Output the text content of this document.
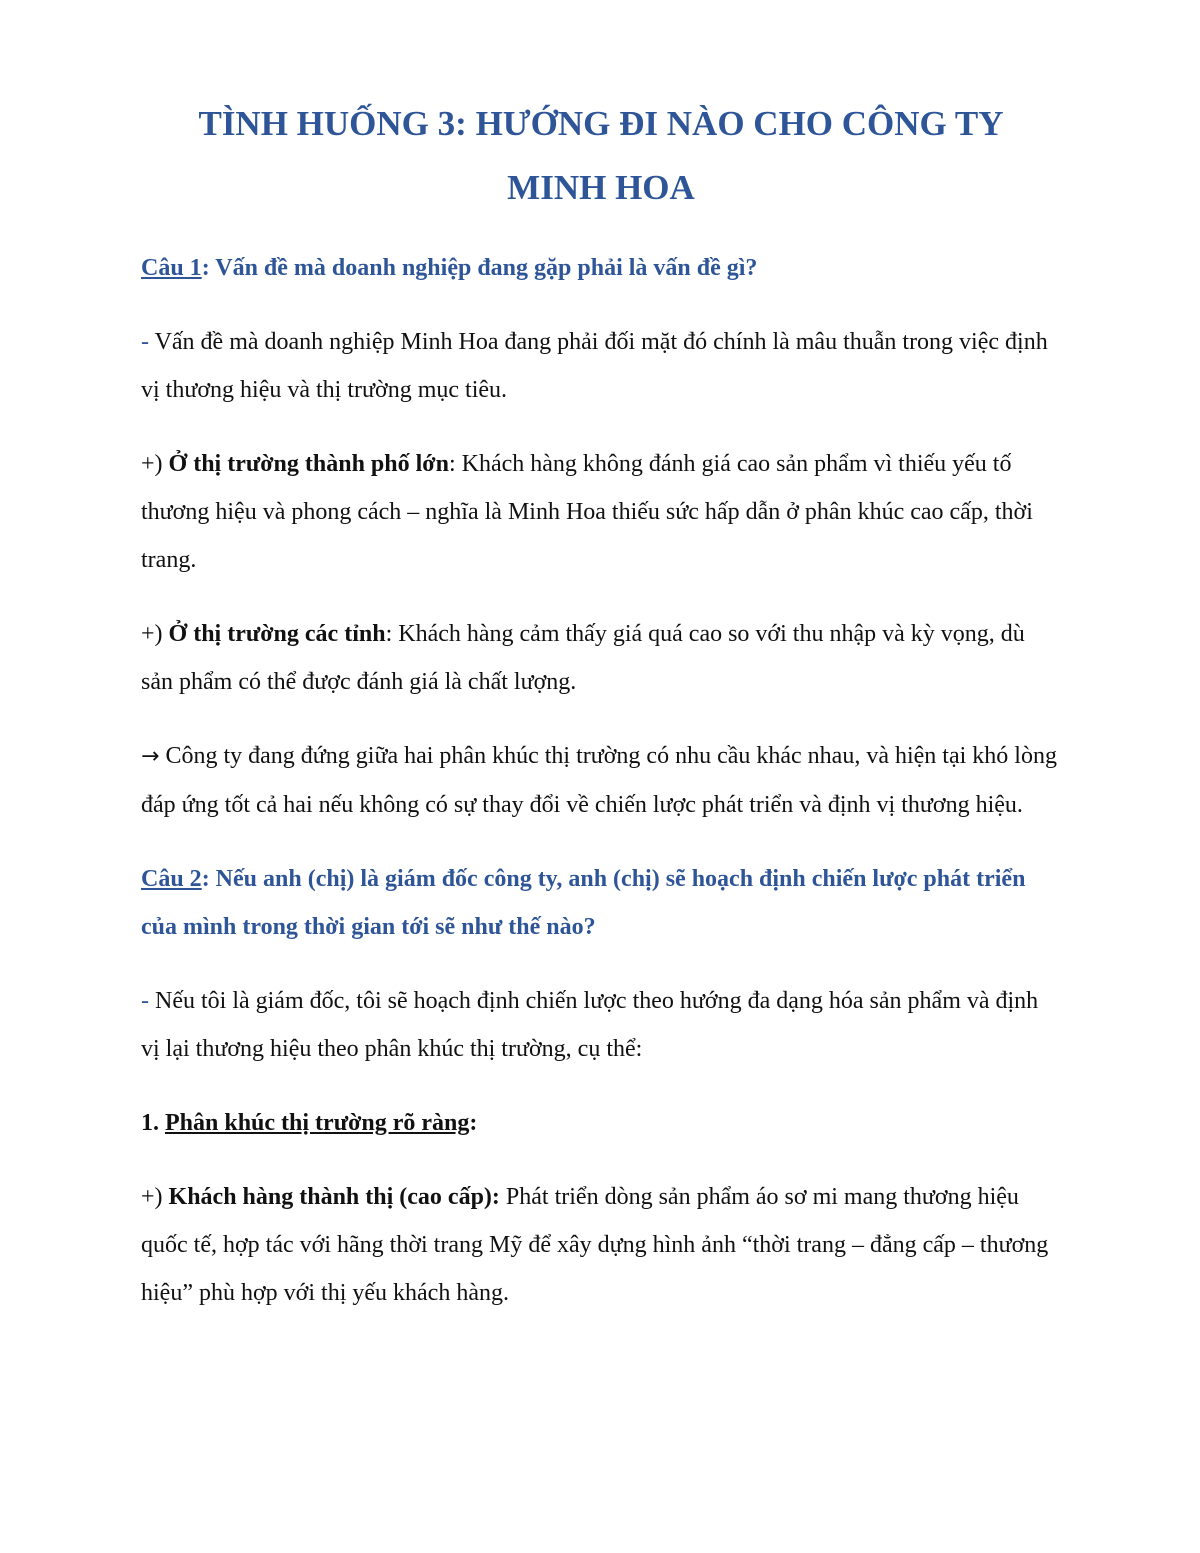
TÌNH HUỐNG 3: HƯỚNG ĐI NÀO CHO CÔNG TY
MINH HOA

Câu 1: Vấn đề mà doanh nghiệp đang gặp phải là vấn đề gì?

- Vấn đề mà doanh nghiệp Minh Hoa đang phải đối mặt đó chính là mâu thuẫn trong việc định vị thương hiệu và thị trường mục tiêu.

+) Ở thị trường thành phố lớn: Khách hàng không đánh giá cao sản phẩm vì thiếu yếu tố thương hiệu và phong cách – nghĩa là Minh Hoa thiếu sức hấp dẫn ở phân khúc cao cấp, thời trang.

+) Ở thị trường các tỉnh: Khách hàng cảm thấy giá quá cao so với thu nhập và kỳ vọng, dù sản phẩm có thể được đánh giá là chất lượng.

→ Công ty đang đứng giữa hai phân khúc thị trường có nhu cầu khác nhau, và hiện tại khó lòng đáp ứng tốt cả hai nếu không có sự thay đổi về chiến lược phát triển và định vị thương hiệu.

Câu 2: Nếu anh (chị) là giám đốc công ty, anh (chị) sẽ hoạch định chiến lược phát triển của mình trong thời gian tới sẽ như thế nào?

- Nếu tôi là giám đốc, tôi sẽ hoạch định chiến lược theo hướng đa dạng hóa sản phẩm và định vị lại thương hiệu theo phân khúc thị trường, cụ thể:

1. Phân khúc thị trường rõ ràng:

+) Khách hàng thành thị (cao cấp): Phát triển dòng sản phẩm áo sơ mi mang thương hiệu quốc tế, hợp tác với hãng thời trang Mỹ để xây dựng hình ảnh “thời trang – đẳng cấp – thương hiệu” phù hợp với thị yếu khách hàng.
